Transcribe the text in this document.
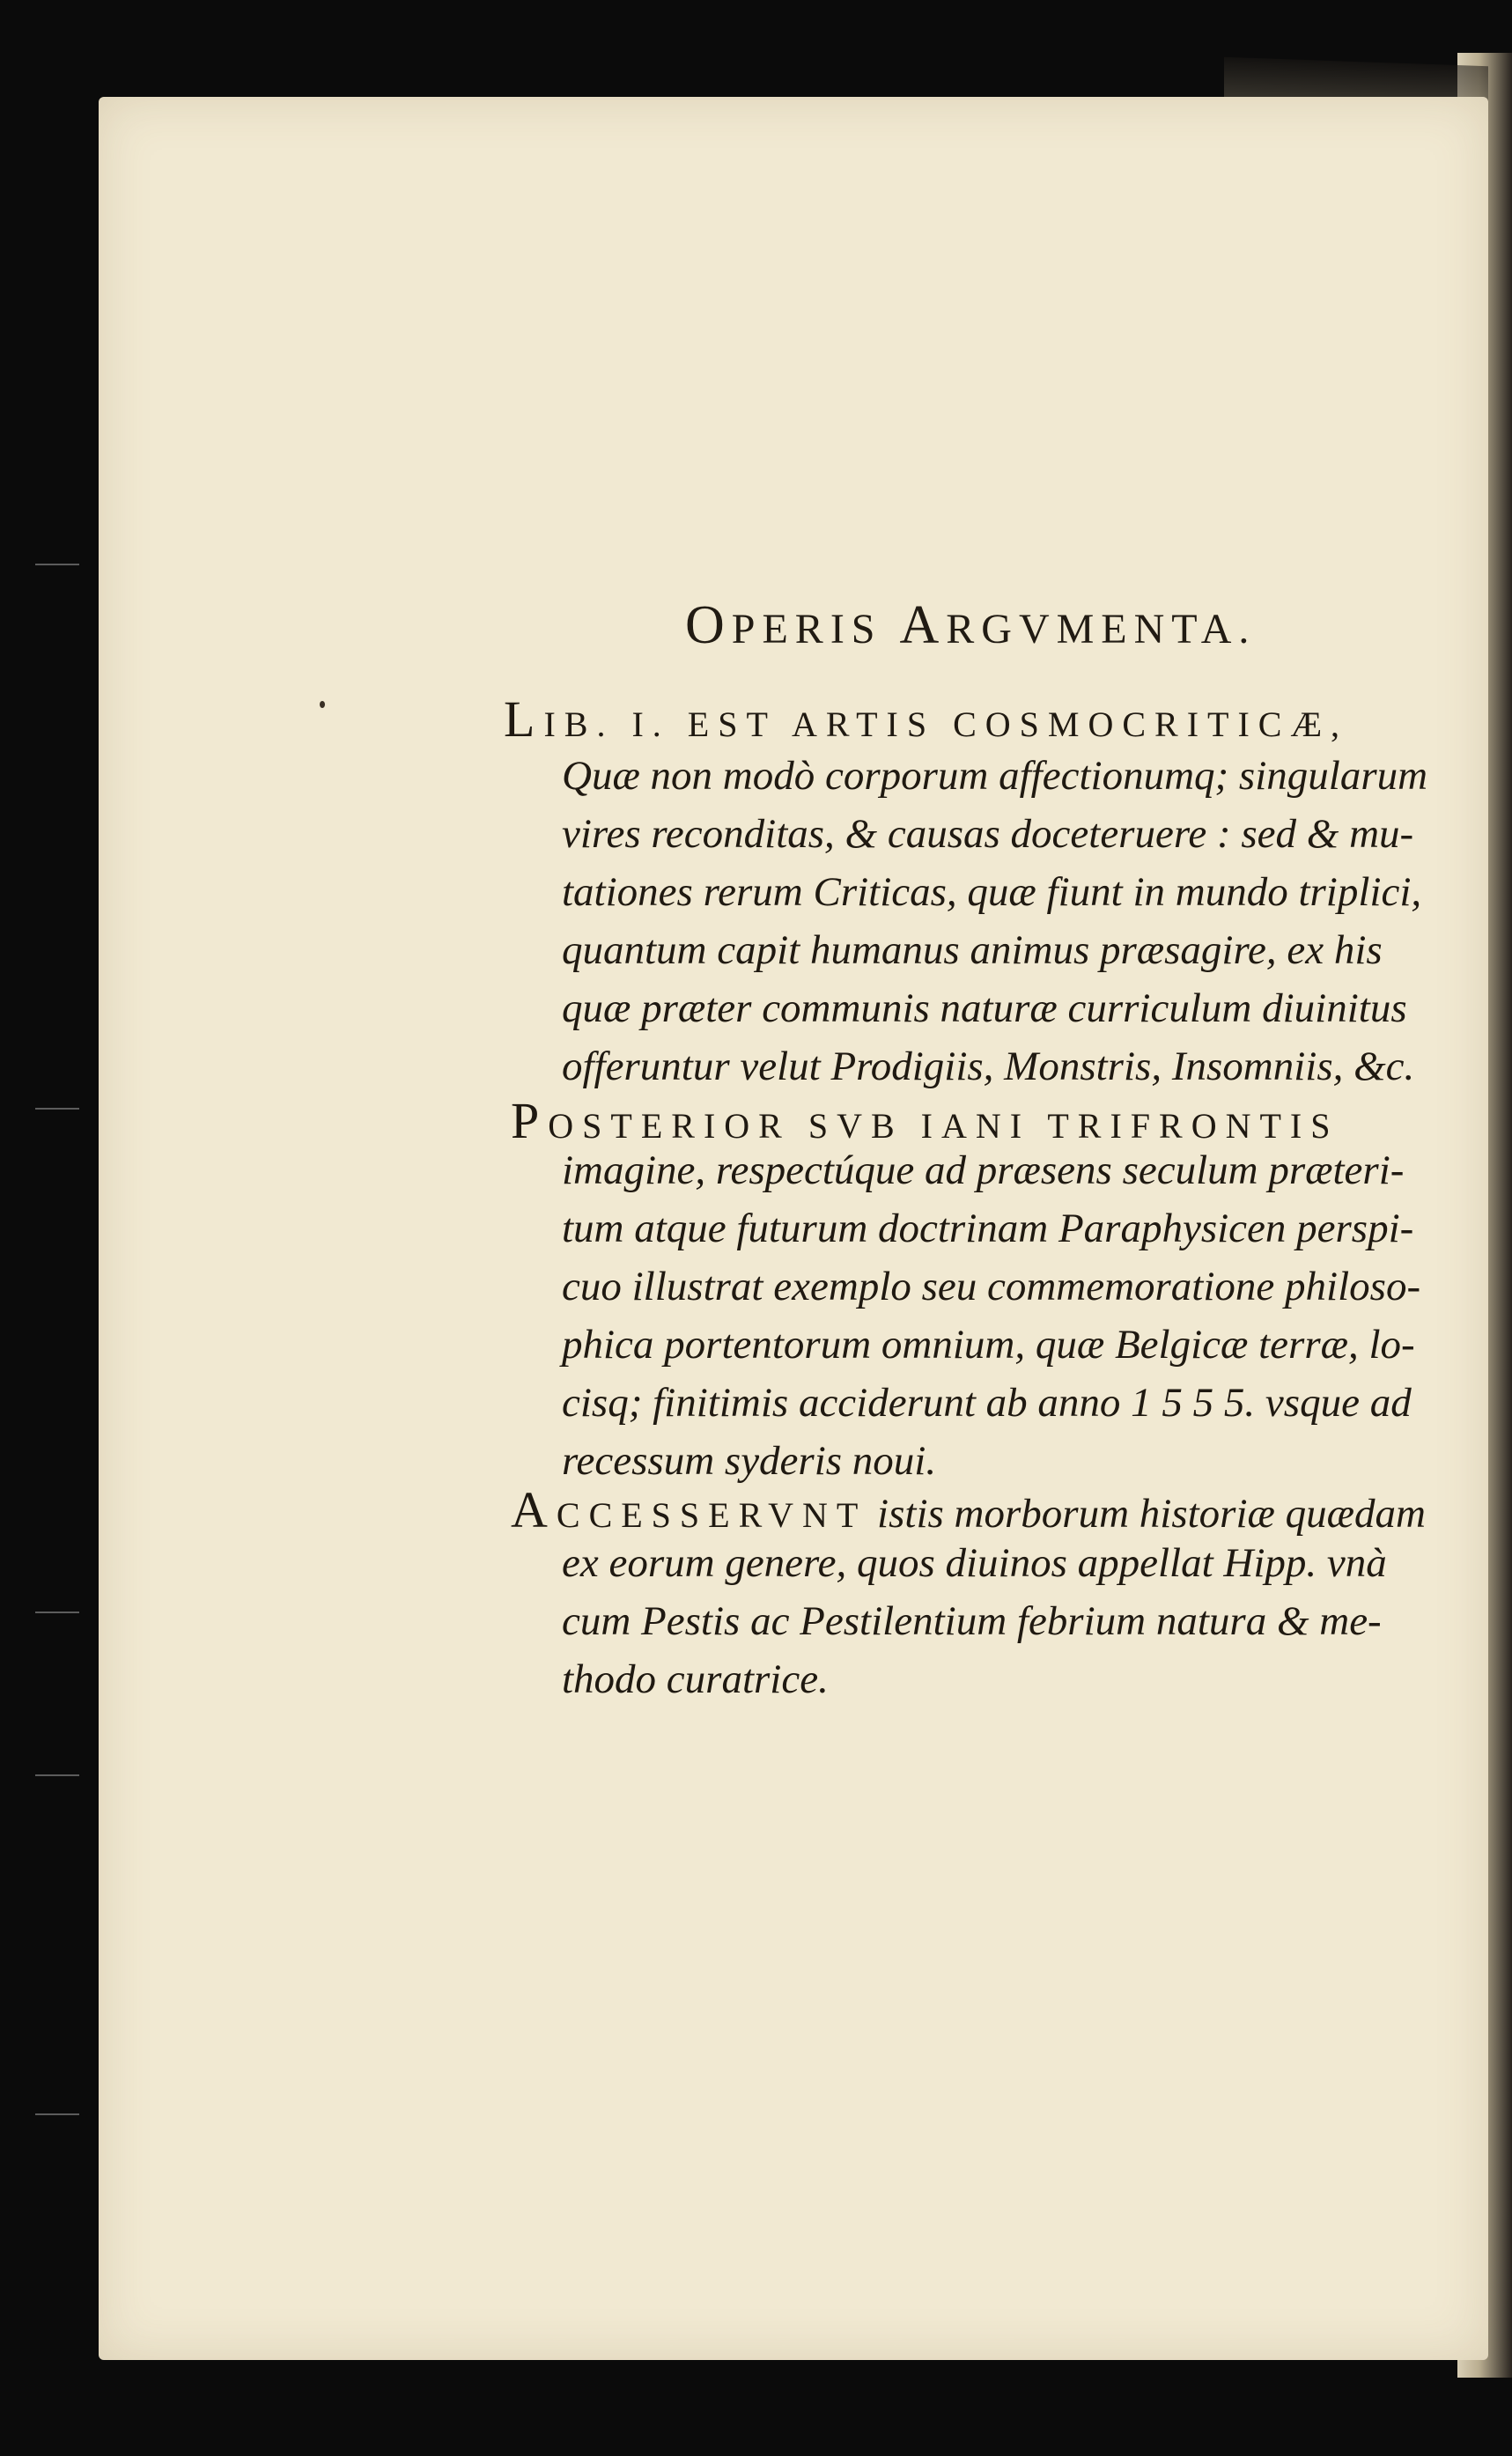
OPERIS ARGVMENTA.
LIB. I. EST ARTIS COSMOCRITICÆ,
Quæ non modò corporum affectionumq; singularum
vires reconditas, & causas doceteruere : sed & mu-
tationes rerum Criticas, quæ fiunt in mundo triplici,
quantum capit humanus animus præsagire, ex his
quæ præter communis naturæ curriculum diuinitus
offeruntur velut Prodigiis, Monstris, Insomniis, &c.
POSTERIOR SVB IANI TRIFRONTIS
imagine, respectúque ad præsens seculum præteri-
tum atque futurum doctrinam Paraphysicen perspi-
cuo illustrat exemplo seu commemoratione philoso-
phica portentorum omnium, quæ Belgicæ terræ, lo-
cisq; finitimis acciderunt ab anno 1 5 5 5. vsque ad
recessum syderis noui.
ACCESSERVNT istis morborum historiæ quædam
ex eorum genere, quos diuinos appellat Hipp. vnà
cum Pestis ac Pestilentium febrium natura & me-
thodo curatrice.
